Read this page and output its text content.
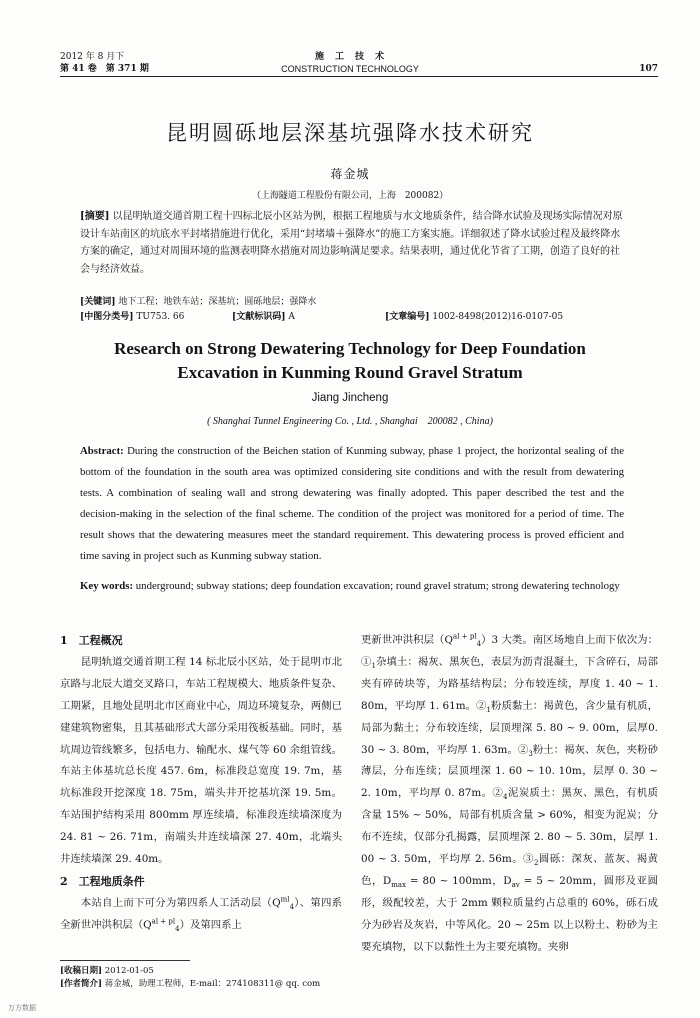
2012 年 8 月下
第 41 卷　第 371 期
施　工　技　术
CONSTRUCTION TECHNOLOGY	107
昆明圆砾地层深基坑强降水技术研究
蒋金城
（上海隧道工程股份有限公司，上海　200082）
[摘要] 以昆明轨道交通首期工程十四标北辰小区站为例，根据工程地质与水文地质条件，结合降水试验及现场实际情况对原设计车站南区的坑底水平封堵措施进行优化，采用“封堵墙＋强降水”的施工方案实施。详细叙述了降水试验过程及最终降水方案的确定，通过对周围环境的监测表明降水措施对周边影响满足要求。结果表明，通过优化节省了工期，创造了良好的社会与经济效益。
[关键词] 地下工程；地铁车站；深基坑；圆砾地层；强降水
[中图分类号] TU753. 66	[文献标识码] A	[文章编号] 1002-8498(2012)16-0107-05
Research on Strong Dewatering Technology for Deep Foundation
Excavation in Kunming Round Gravel Stratum
Jiang Jincheng
( Shanghai Tunnel Engineering Co. , Ltd. , Shanghai　200082 , China)
Abstract: During the construction of the Beichen station of Kunming subway, phase 1 project, the horizontal sealing of the bottom of the foundation in the south area was optimized considering site conditions and with the result from dewatering tests. A combination of sealing wall and strong dewatering was finally adopted. This paper described the test and the decision-making in the selection of the final scheme. The condition of the project was monitored for a period of time. The result shows that the dewatering measures meet the standard requirement. This dewatering process is proved efficient and time saving in project such as Kunming subway station.
Key words: underground; subway stations; deep foundation excavation; round gravel stratum; strong dewatering technology
1　工程概况

昆明轨道交通首期工程 14 标北辰小区站，处于昆明市北京路与北辰大道交叉路口，车站工程规模大、地质条件复杂、工期紧，且地处昆明北市区商业中心，周边环境复杂，两侧已建建筑物密集，且其基础形式大部分采用筏板基础。同时，基坑周边管线繁多，包括电力、输配水、煤气等 60 余组管线。车站主体基坑总长度 457. 6m，标准段总宽度 19. 7m，基坑标准段开挖深度 18. 75m，端头井开挖基坑深 19. 5m。车站围护结构采用 800mm 厚连续墙，标准段连续墙深度为 24. 81 ~ 26. 71m，南端头井连续墙深 27. 40m，北端头井连续墙深 29. 40m。

2　工程地质条件

本站自上而下可分为第四系人工活动层$(Q^{ml}_4)$、第四系全新世冲洪积层$(Q^{al + pl}_4)$及第四系上

[收稿日期] 2012-01-05
[作者简介] 蒋金城，助理工程师，E-mail：274108311@ qq. com
更新世冲洪积层$(Q^{al + pl}_4)3$ 大类。南区场地自上而下依次为：$①_1$杂填土：褐灰、黑灰色，表层为沥青混凝土，下含碎石，局部夹有碎砖块等，为路基结构层；分布较连续，厚度 1. 40 ~ 1. 80m，平均厚 1. 61m。$②_1$粉质黏土：褐黄色，含少量有机质，局部为黏土；分布较连续，层顶埋深 5. 80 ~ 9. 00m，层厚0. 30 ~ 3. 80m，平均厚 1. 63m。$②_3$粉土：褐灰、灰色，夹粉砂薄层，分布连续；层顶埋深 1. 60 ~ 10. 10m，层厚 0. 30 ~ 2. 10m，平均厚 0. 87m。$②_4$泥炭质土：黑灰、黑色，有机质含量 15% ~ 50%，局部有机质含量 > 60%，相变为泥炭；分布不连续，仅部分孔揭露，层顶埋深 2. 80 ~ 5. 30m，层厚 1. 00 ~ 3. 50m，平均厚 2. 56m。$③_2$圆砾：深灰、蓝灰、褐黄色，$D_{max} = 80$ ~ 100mm，$D_{av} = 5$ ~ 20mm，圆形及亚圆形，级配较差，大于 2mm 颗粒质量约占总重的 60%，砾石成分为砂岩及灰岩，中等风化。20 ~ 25m 以上以粉土、粉砂为主要充填物，以下以黏性土为主要充填物。夹卵
万方数据
